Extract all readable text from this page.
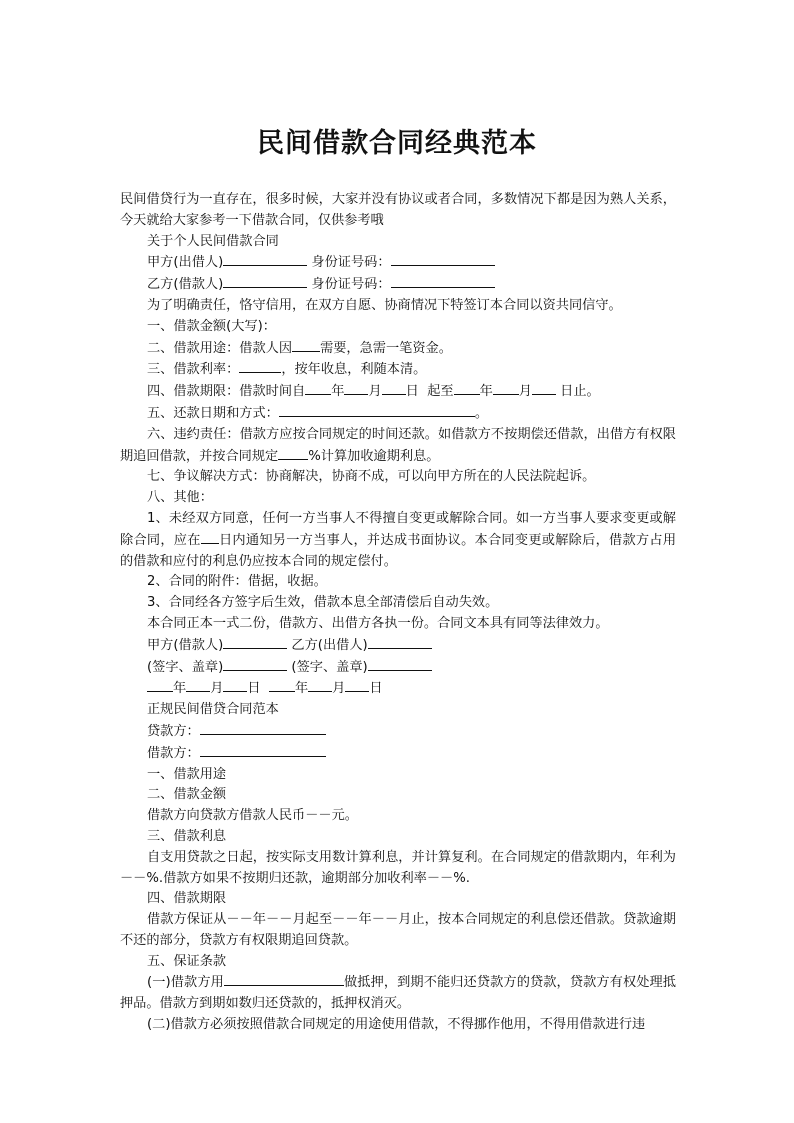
民间借款合同经典范本

民间借贷行为一直存在，很多时候，大家并没有协议或者合同，多数情况下都是因为熟人关系，今天就给大家参考一下借款合同，仅供参考哦

关于个人民间借款合同

甲方(出借人)	身份证号码：

乙方(借款人)	身份证号码：

为了明确责任，恪守信用，在双方自愿、协商情况下特签订本合同以资共同信守。

一、借款金额(大写)：

二、借款用途：借款人因 需要，急需一笔资金。

三、借款利率：	，按年收息，利随本清。

四、借款期限：借款时间自 年 月 日  起至 年 月 日止。

五、还款日期和方式：	。

六、违约责任：借款方应按合同规定的时间还款。如借款方不按期偿还借款，出借方有权限期追回借款，并按合同规定 %计算加收逾期利息。

七、争议解决方式：协商解决，协商不成，可以向甲方所在的人民法院起诉。

八、其他：

1、未经双方同意，任何一方当事人不得擅自变更或解除合同。如一方当事人要求变更或解除合同，应在 日内通知另一方当事人，并达成书面协议。本合同变更或解除后，借款方占用的借款和应付的利息仍应按本合同的规定偿付。

2、合同的附件：借据，收据。

3、合同经各方签字后生效，借款本息全部清偿后自动失效。

本合同正本一式二份，借款方、出借方各执一份。合同文本具有同等法律效力。

甲方(借款人)	乙方(出借人)

(签字、盖章)	(签字、盖章)

年 月 日  年 月 日

正规民间借贷合同范本

贷款方：

借款方：

一、借款用途

二、借款金额

借款方向贷款方借款人民币－－元。

三、借款利息

自支用贷款之日起，按实际支用数计算利息，并计算复利。在合同规定的借款期内，年利为－－%.借款方如果不按期归还款，逾期部分加收利率－－%.

四、借款期限

借款方保证从－－年－－月起至－－年－－月止，按本合同规定的利息偿还借款。贷款逾期不还的部分，贷款方有权限期追回贷款。

五、保证条款

(一)借款方用	做抵押，到期不能归还贷款方的贷款，贷款方有权处理抵押品。借款方到期如数归还贷款的，抵押权消灭。

(二)借款方必须按照借款合同规定的用途使用借款，不得挪作他用，不得用借款进行违
